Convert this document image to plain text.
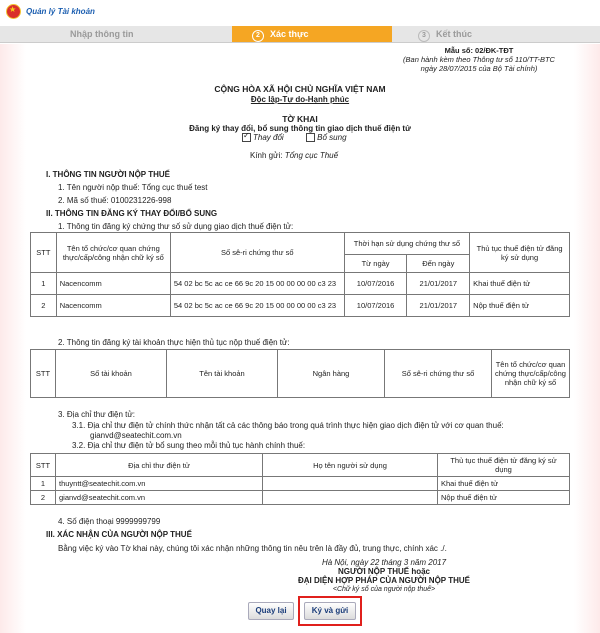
★
Quản lý Tài khoản
Nhập thông tin	2 Xác thực	3 Kết thúc
Mẫu số: 02/ĐK-TĐT
(Ban hành kèm theo Thông tư số 110/TT-BTC
ngày 28/07/2015 của Bộ Tài chính)
CỘNG HÒA XÃ HỘI CHỦ NGHĨA VIỆT NAM
Độc lập-Tự do-Hạnh phúc
TỜ KHAI
Đăng ký thay đổi, bổ sung thông tin giao dịch thuế điện tử
✓Thay đổi	Bổ sung
Kính gửi: Tổng cục Thuế
I. THÔNG TIN NGƯỜI NỘP THUẾ
1. Tên người nộp thuế: Tổng cục thuế test
2. Mã số thuế: 0100231226-998
II. THÔNG TIN ĐĂNG KÝ THAY ĐỔI/BỔ SUNG
1. Thông tin đăng ký chứng thư số sử dụng giao dịch thuế điện tử:
STT	Tên tổ chức/cơ quan chứng thực/cấp/công nhận chữ ký số	Số sê-ri chứng thư số	Thời hạn sử dụng chứng thư số		Thủ tục thuế điện tử đăng ký sử dụng
			Từ ngày	Đến ngày	
1	Nacencomm	54 02 bc 5c ac ce 66 9c 20 15 00 00 00 00 c3 23	10/07/2016	21/01/2017	Khai thuế điện tử
2	Nacencomm	54 02 bc 5c ac ce 66 9c 20 15 00 00 00 00 c3 23	10/07/2016	21/01/2017	Nộp thuế điện tử
2. Thông tin đăng ký tài khoản thực hiện thủ tục nộp thuế điện tử:
STT	Số tài khoản	Tên tài khoản	Ngân hàng	Số sê-ri chứng thư số	Tên tổ chức/cơ quan chứng thực/cấp/công nhận chữ ký số
3. Địa chỉ thư điện tử:
3.1. Địa chỉ thư điện tử chính thức nhận tất cả các thông báo trong quá trình thực hiện giao dịch điện tử với cơ quan thuế:
gianvd@seatechit.com.vn
3.2. Địa chỉ thư điện tử bổ sung theo mỗi thủ tục hành chính thuế:
STT	Địa chỉ thư điện tử	Họ tên người sử dụng	Thủ tục thuế điện tử đăng ký sử dụng
1	thuyntt@seatechit.com.vn		Khai thuế điện tử
2	gianvd@seatechit.com.vn		Nộp thuế điện tử
4. Số điện thoại 9999999799
III. XÁC NHẬN CỦA NGƯỜI NỘP THUẾ
Bằng việc ký vào Tờ khai này, chúng tôi xác nhận những thông tin nêu trên là đầy đủ, trung thực, chính xác ./.
Hà Nội, ngày 22 tháng 3 năm 2017
NGƯỜI NỘP THUẾ hoặc
ĐẠI DIỆN HỢP PHÁP CỦA NGƯỜI NỘP THUẾ
<Chữ ký số của người nộp thuế>
Quay lại	Ký và gửi
